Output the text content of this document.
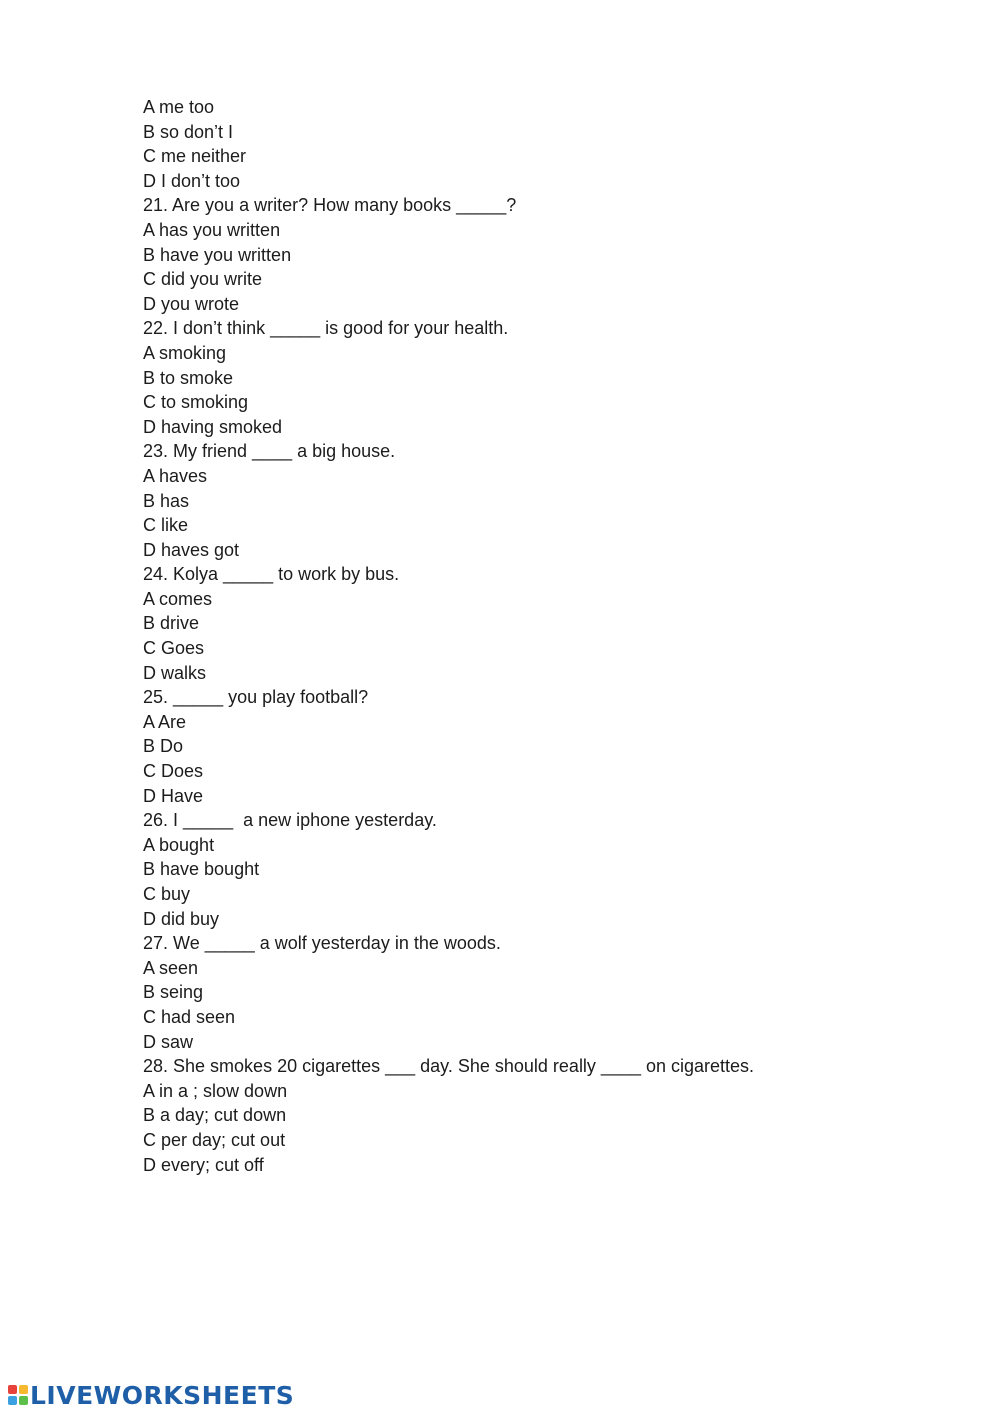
A me too
B so don’t I
C me neither
D I don’t too
21. Are you a writer? How many books _____?
A has you written
B have you written
C did you write
D you wrote
22. I don’t think _____ is good for your health.
A smoking
B to smoke
C to smoking
D having smoked
23. My friend ____ a big house.
A haves
B has
C like
D haves got
24. Kolya _____ to work by bus.
A comes
B drive
C Goes
D walks
25. _____ you play football?
A Are
B Do
C Does
D Have
26. I _____  a new iphone yesterday.
A bought
B have bought
C buy
D did buy
27. We _____ a wolf yesterday in the woods.
A seen
B seing
C had seen
D saw
28. She smokes 20 cigarettes ___ day. She should really ____ on cigarettes.
A in a ; slow down
B a day; cut down
C per day; cut out
D every; cut off
LIVEWORKSHEETS
